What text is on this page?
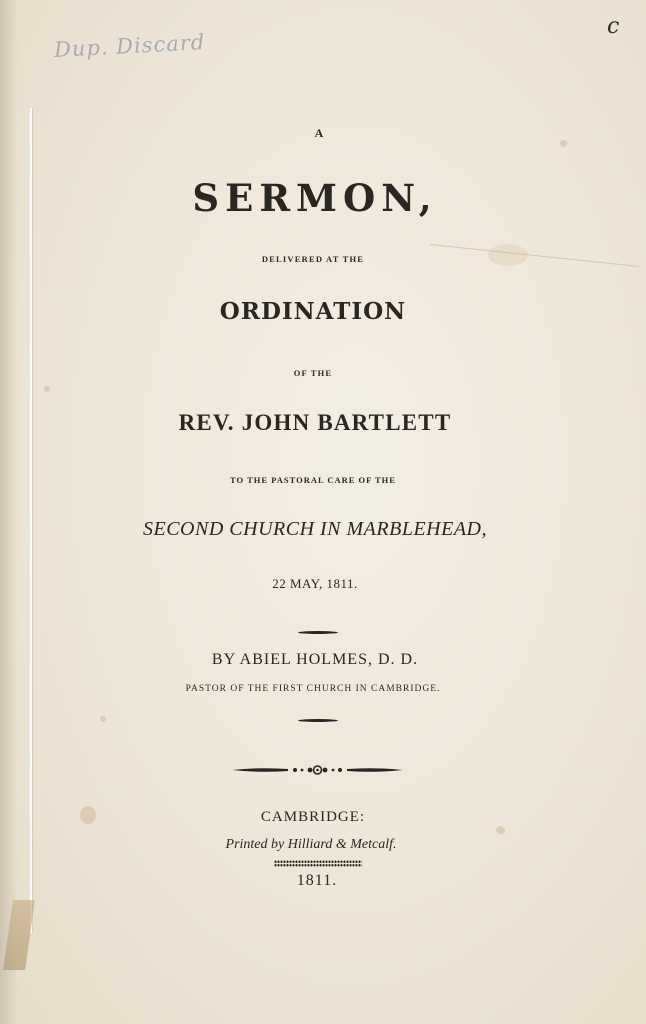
Dup. Discard
c
A
SERMON,
DELIVERED AT THE
ORDINATION
OF THE
REV. JOHN BARTLETT
TO THE PASTORAL CARE OF THE
SECOND CHURCH IN MARBLEHEAD,
22 MAY, 1811.
BY ABIEL HOLMES, D. D.
PASTOR OF THE FIRST CHURCH IN CAMBRIDGE.
CAMBRIDGE:
Printed by Hilliard & Metcalf.
1811.
